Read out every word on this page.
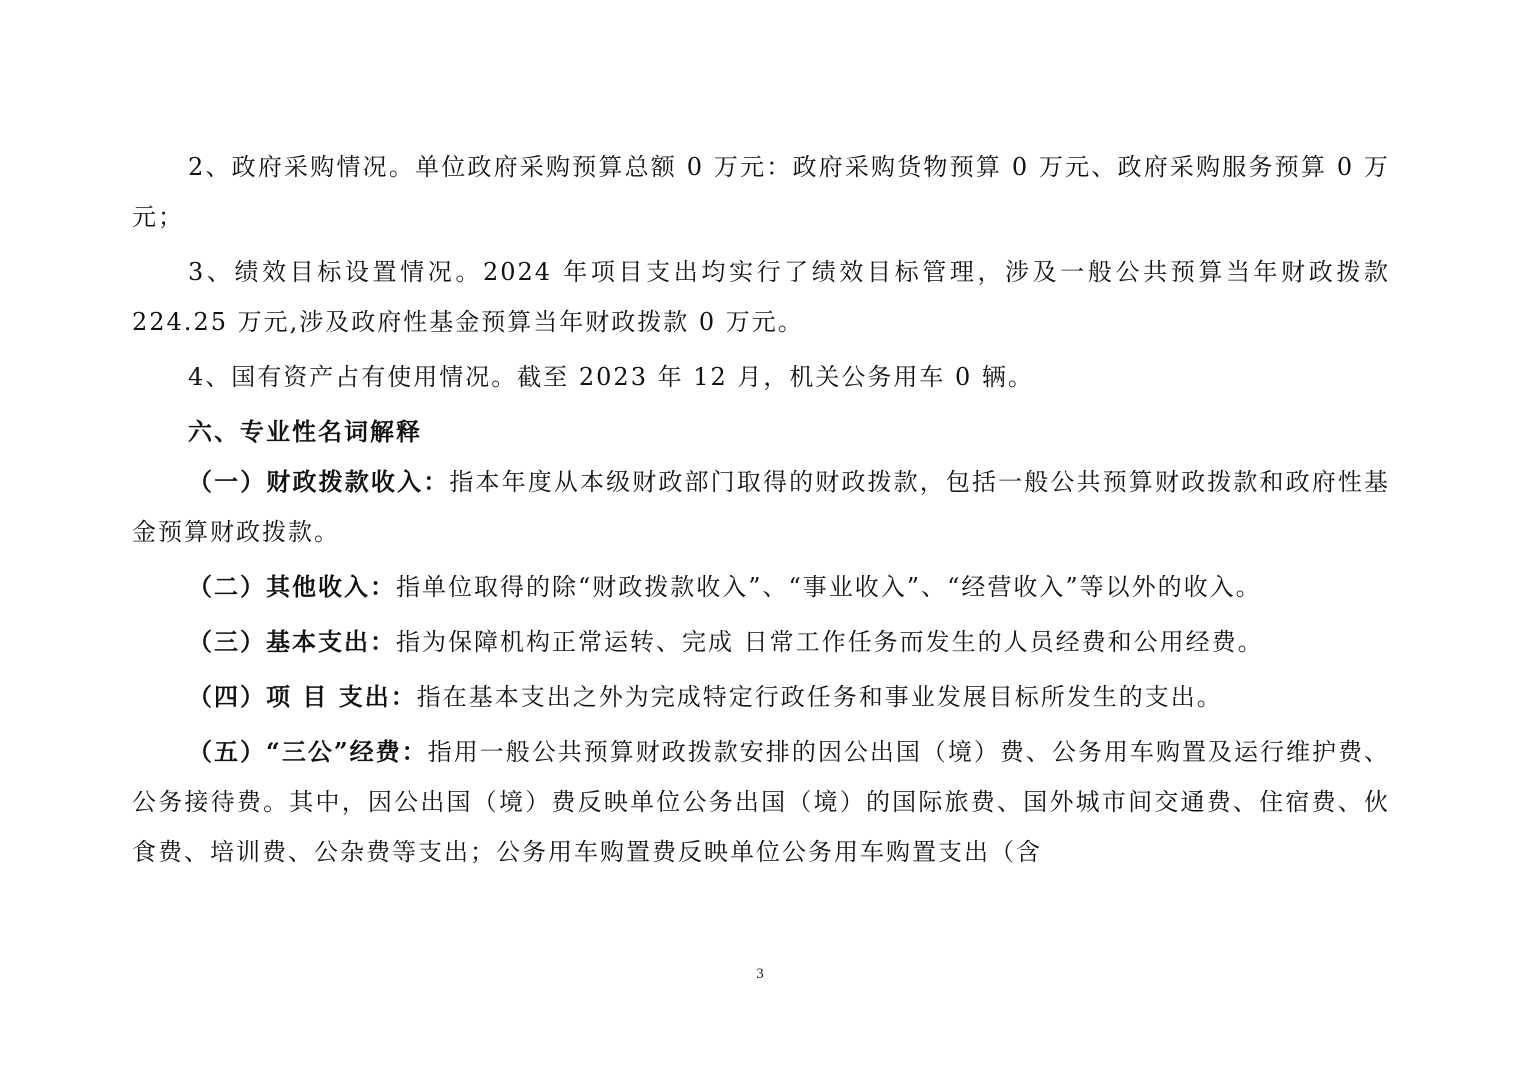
2、政府采购情况。单位政府采购预算总额 0 万元：政府采购货物预算 0 万元、政府采购服务预算 0 万元；

3、绩效目标设置情况。2024 年项目支出均实行了绩效目标管理，涉及一般公共预算当年财政拨款 224.25 万元,涉及政府性基金预算当年财政拨款 0 万元。

4、国有资产占有使用情况。截至 2023 年 12 月，机关公务用车 0 辆。

六、专业性名词解释

（一）财政拨款收入：指本年度从本级财政部门取得的财政拨款，包括一般公共预算财政拨款和政府性基金预算财政拨款。

（二）其他收入：指单位取得的除“财政拨款收入”、“事业收入”、“经营收入”等以外的收入。

（三）基本支出：指为保障机构正常运转、完成 日常工作任务而发生的人员经费和公用经费。

（四）项 目 支出：指在基本支出之外为完成特定行政任务和事业发展目标所发生的支出。

（五）“三公”经费：指用一般公共预算财政拨款安排的因公出国（境）费、公务用车购置及运行维护费、公务接待费。其中，因公出国（境）费反映单位公务出国（境）的国际旅费、国外城市间交通费、住宿费、伙食费、培训费、公杂费等支出；公务用车购置费反映单位公务用车购置支出（含

3
